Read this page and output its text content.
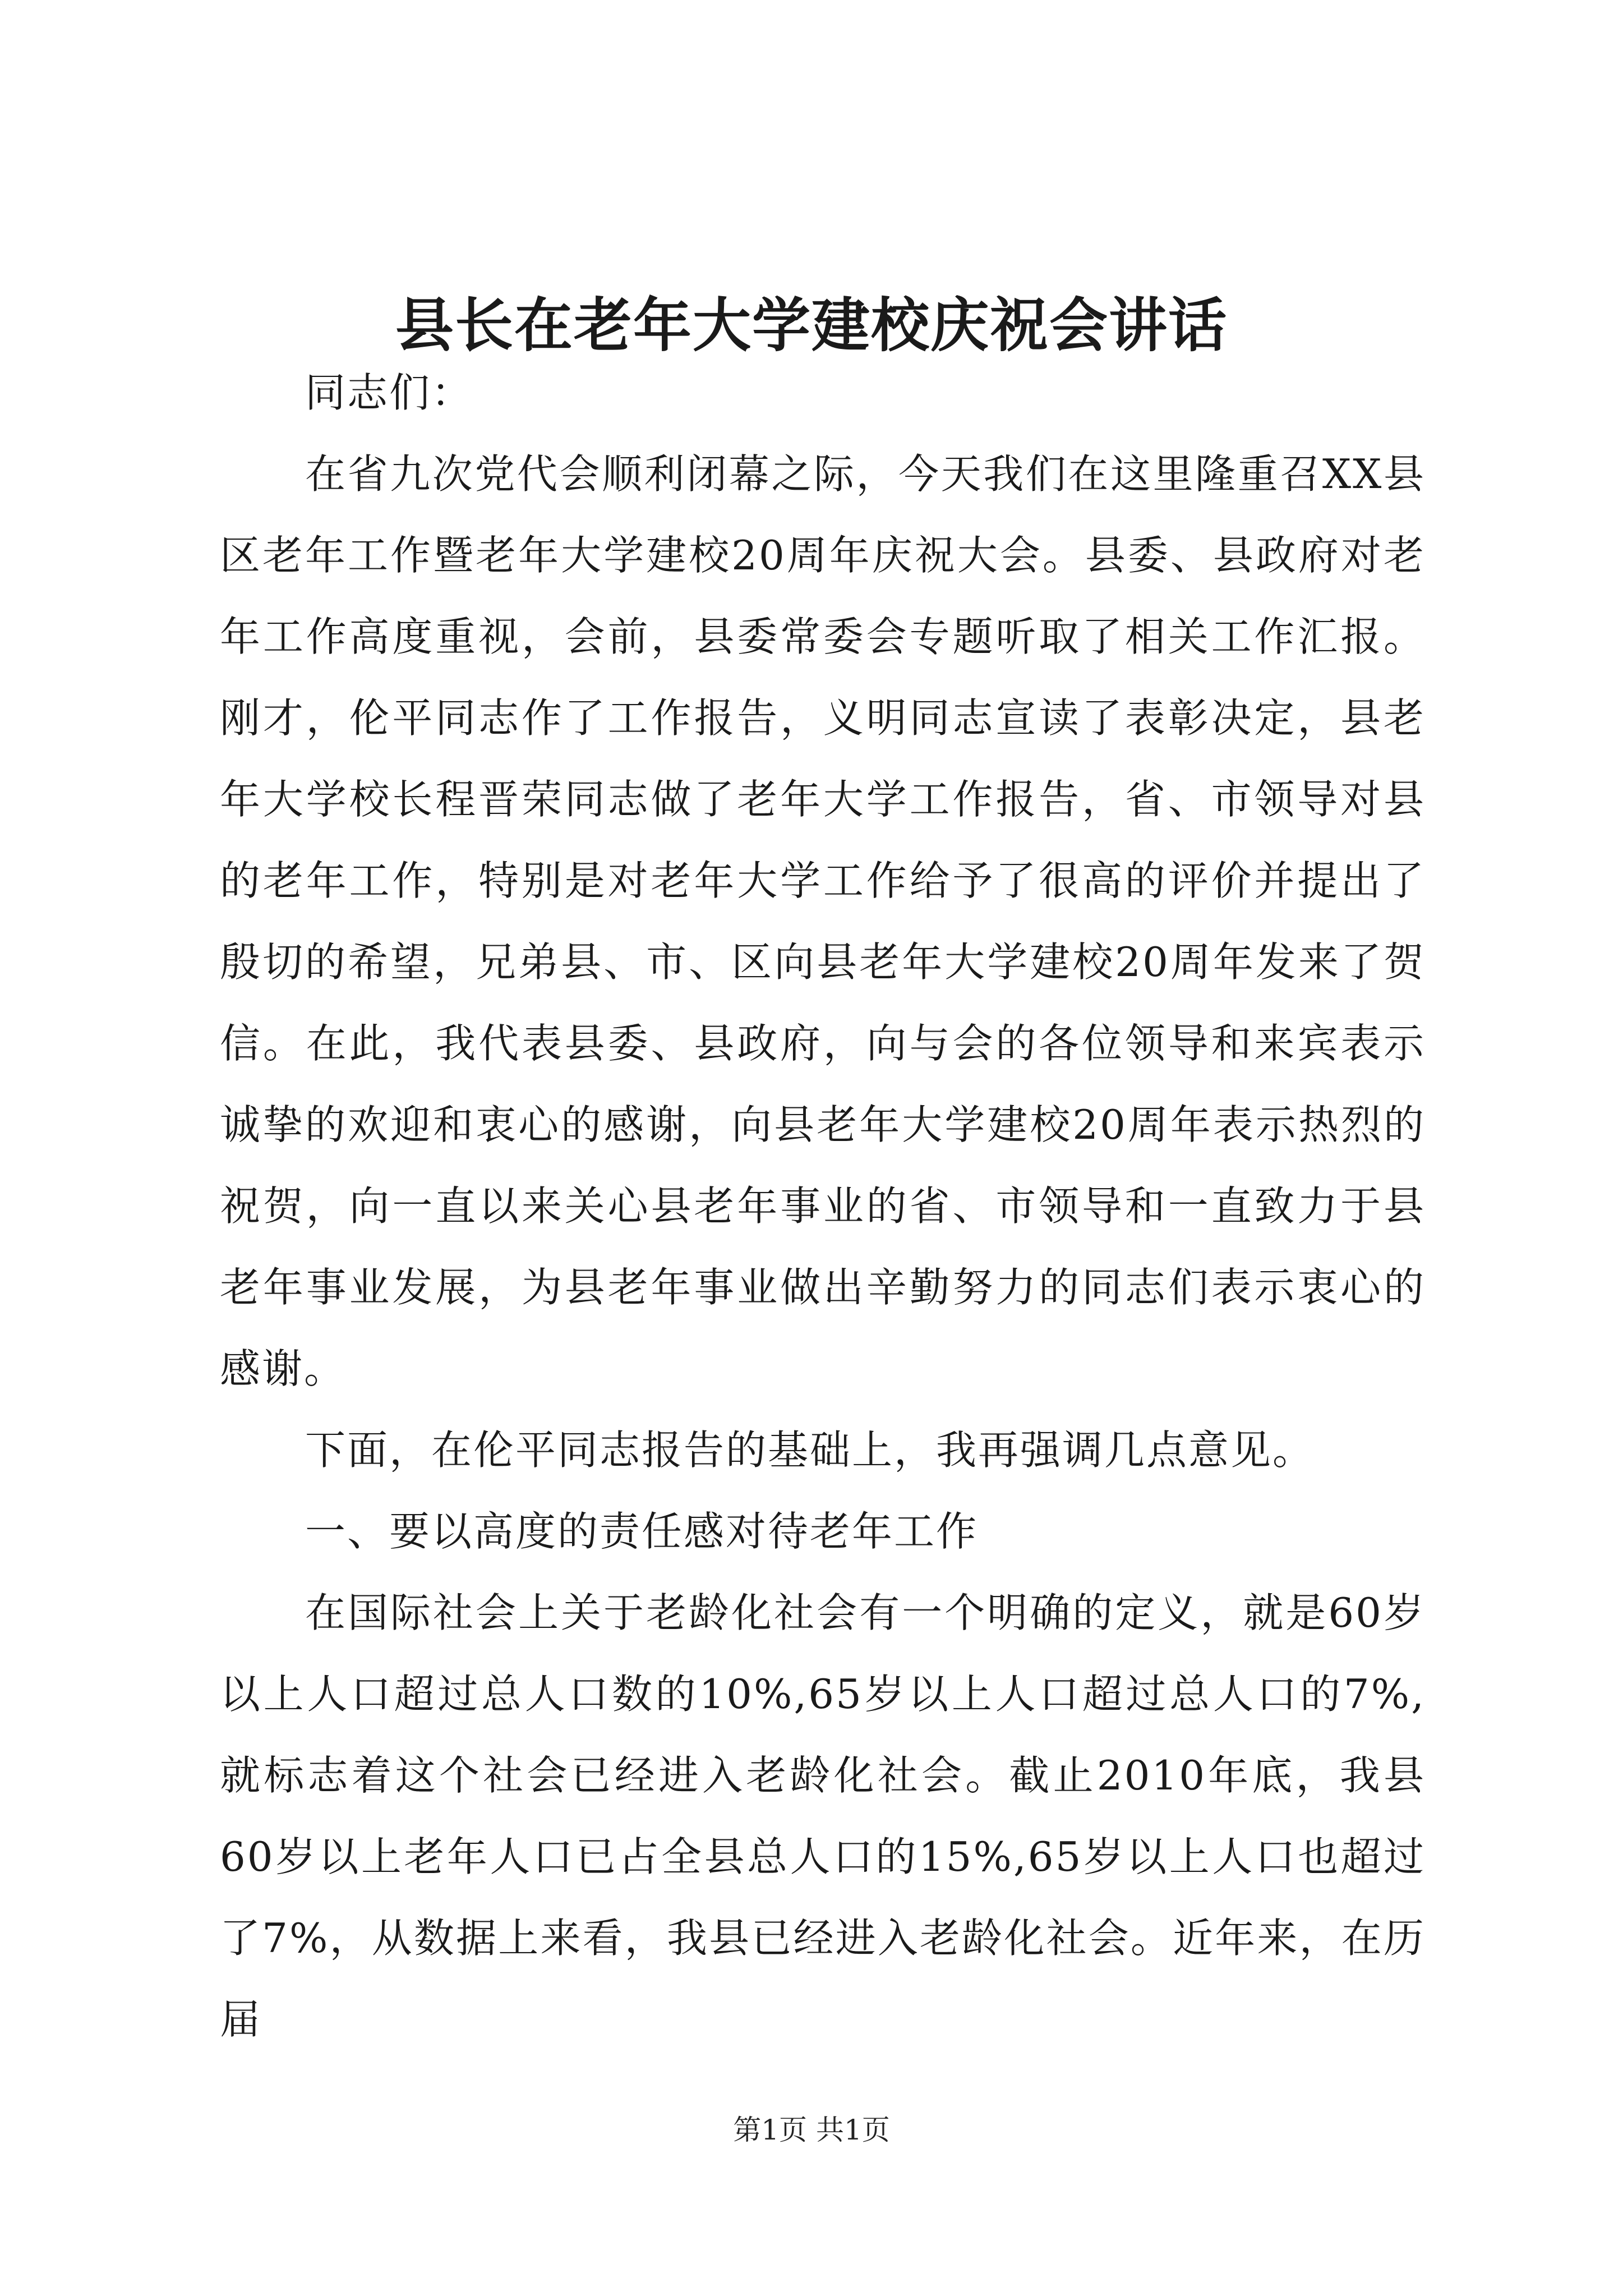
县长在老年大学建校庆祝会讲话

同志们：

在省九次党代会顺利闭幕之际，今天我们在这里隆重召XX县区老年工作暨老年大学建校20周年庆祝大会。县委、县政府对老年工作高度重视，会前，县委常委会专题听取了相关工作汇报。刚才，伦平同志作了工作报告，义明同志宣读了表彰决定，县老年大学校长程晋荣同志做了老年大学工作报告，省、市领导对县的老年工作，特别是对老年大学工作给予了很高的评价并提出了殷切的希望，兄弟县、市、区向县老年大学建校20周年发来了贺信。在此，我代表县委、县政府，向与会的各位领导和来宾表示诚挚的欢迎和衷心的感谢，向县老年大学建校20周年表示热烈的祝贺，向一直以来关心县老年事业的省、市领导和一直致力于县老年事业发展，为县老年事业做出辛勤努力的同志们表示衷心的感谢。

下面，在伦平同志报告的基础上，我再强调几点意见。

一、要以高度的责任感对待老年工作

在国际社会上关于老龄化社会有一个明确的定义，就是60岁以上人口超过总人口数的10%,65岁以上人口超过总人口的7%,就标志着这个社会已经进入老龄化社会。截止2010年底，我县60岁以上老年人口已占全县总人口的15%,65岁以上人口也超过了7%，从数据上来看，我县已经进入老龄化社会。近年来，在历届

第1页 共1页
